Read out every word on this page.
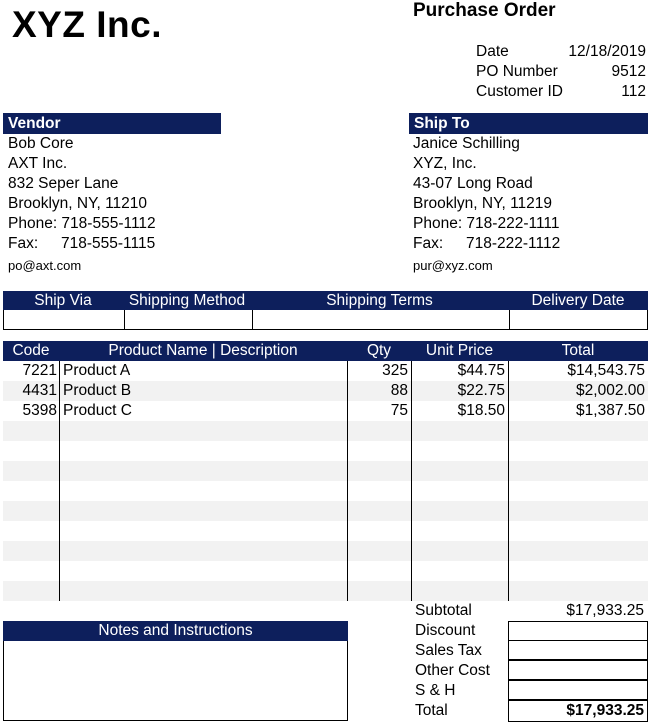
XYZ Inc.	Purchase Order
Date	12/18/2019
PO Number	9512
Customer ID	112
Vendor
Bob Core
AXT Inc.
832 Seper Lane
Brooklyn, NY, 11210
Phone: 718-555-1112
Fax: 718-555-1115
po@axt.com
Ship To
Janice Schilling
XYZ, Inc.
43-07 Long Road
Brooklyn, NY, 11219
Phone: 718-222-1111
Fax: 718-222-1112
pur@xyz.com
Ship Via	Shipping Method	Shipping Terms	Delivery Date
Code	Product Name | Description	Qty	Unit Price	Total
7221 Product A	325	$44.75	$14,543.75
4431 Product B	88	$22.75	$2,002.00
5398 Product C	75	$18.50	$1,387.50
Notes and Instructions
Subtotal	$17,933.25
Discount
Sales Tax
Other Cost
S & H
Total	$17,933.25
